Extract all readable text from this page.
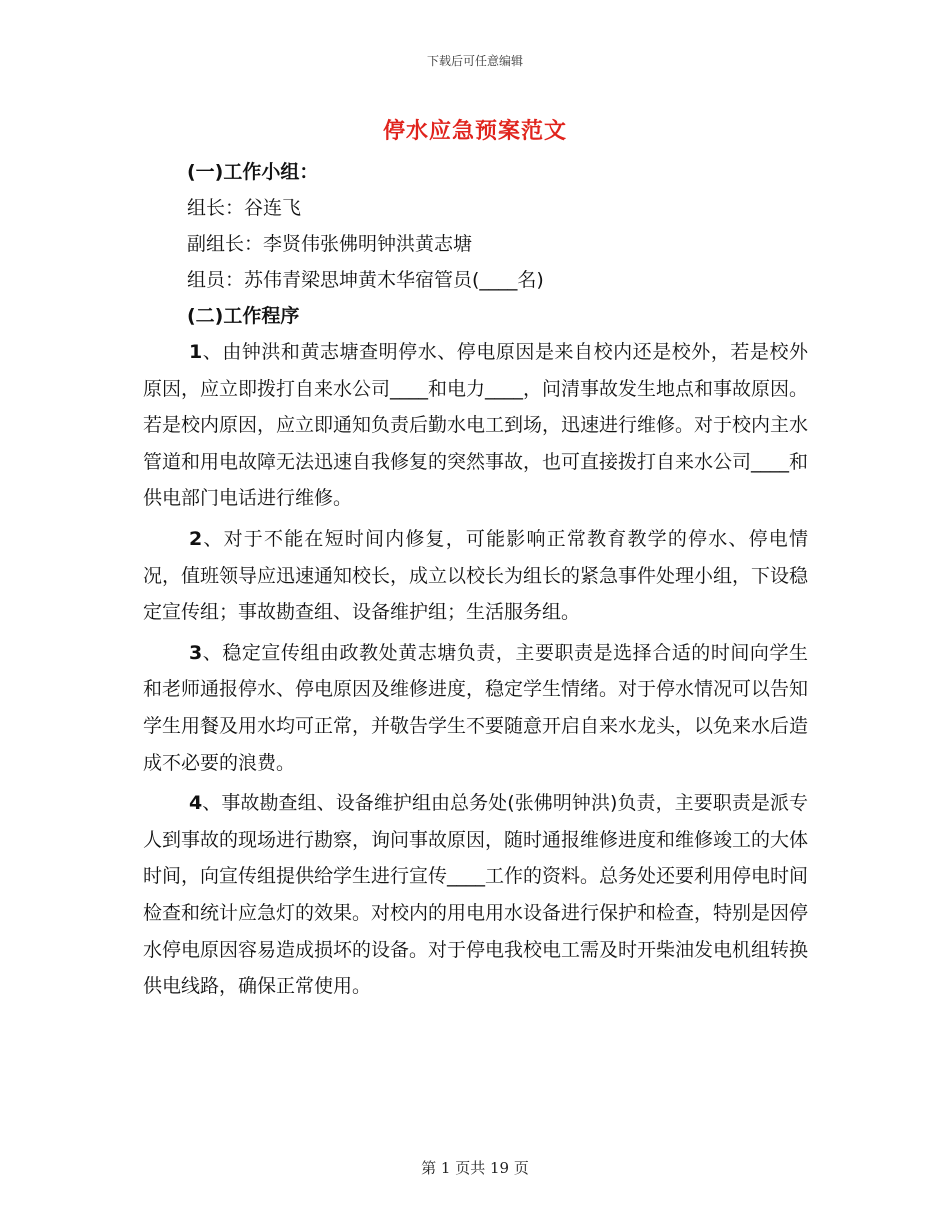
下载后可任意编辑
停水应急预案范文
(一)工作小组：
组长：谷连飞
副组长：李贤伟张佛明钟洪黄志塘
组员：苏伟青梁思坤黄木华宿管员(____名)
(二)工作程序

1、由钟洪和黄志塘查明停水、停电原因是来自校内还是校外，若是校外原因，应立即拨打自来水公司____和电力____，问清事故发生地点和事故原因。若是校内原因，应立即通知负责后勤水电工到场，迅速进行维修。对于校内主水管道和用电故障无法迅速自我修复的突然事故，也可直接拨打自来水公司____和供电部门电话进行维修。

2、对于不能在短时间内修复，可能影响正常教育教学的停水、停电情况，值班领导应迅速通知校长，成立以校长为组长的紧急事件处理小组，下设稳定宣传组；事故勘查组、设备维护组；生活服务组。

3、稳定宣传组由政教处黄志塘负责，主要职责是选择合适的时间向学生和老师通报停水、停电原因及维修进度，稳定学生情绪。对于停水情况可以告知学生用餐及用水均可正常，并敬告学生不要随意开启自来水龙头，以免来水后造成不必要的浪费。

4、事故勘查组、设备维护组由总务处(张佛明钟洪)负责，主要职责是派专人到事故的现场进行勘察，询问事故原因，随时通报维修进度和维修竣工的大体时间，向宣传组提供给学生进行宣传____工作的资料。总务处还要利用停电时间检查和统计应急灯的效果。对校内的用电用水设备进行保护和检查，特别是因停水停电原因容易造成损坏的设备。对于停电我校电工需及时开柴油发电机组转换供电线路，确保正常使用。

第 1 页共 19 页
